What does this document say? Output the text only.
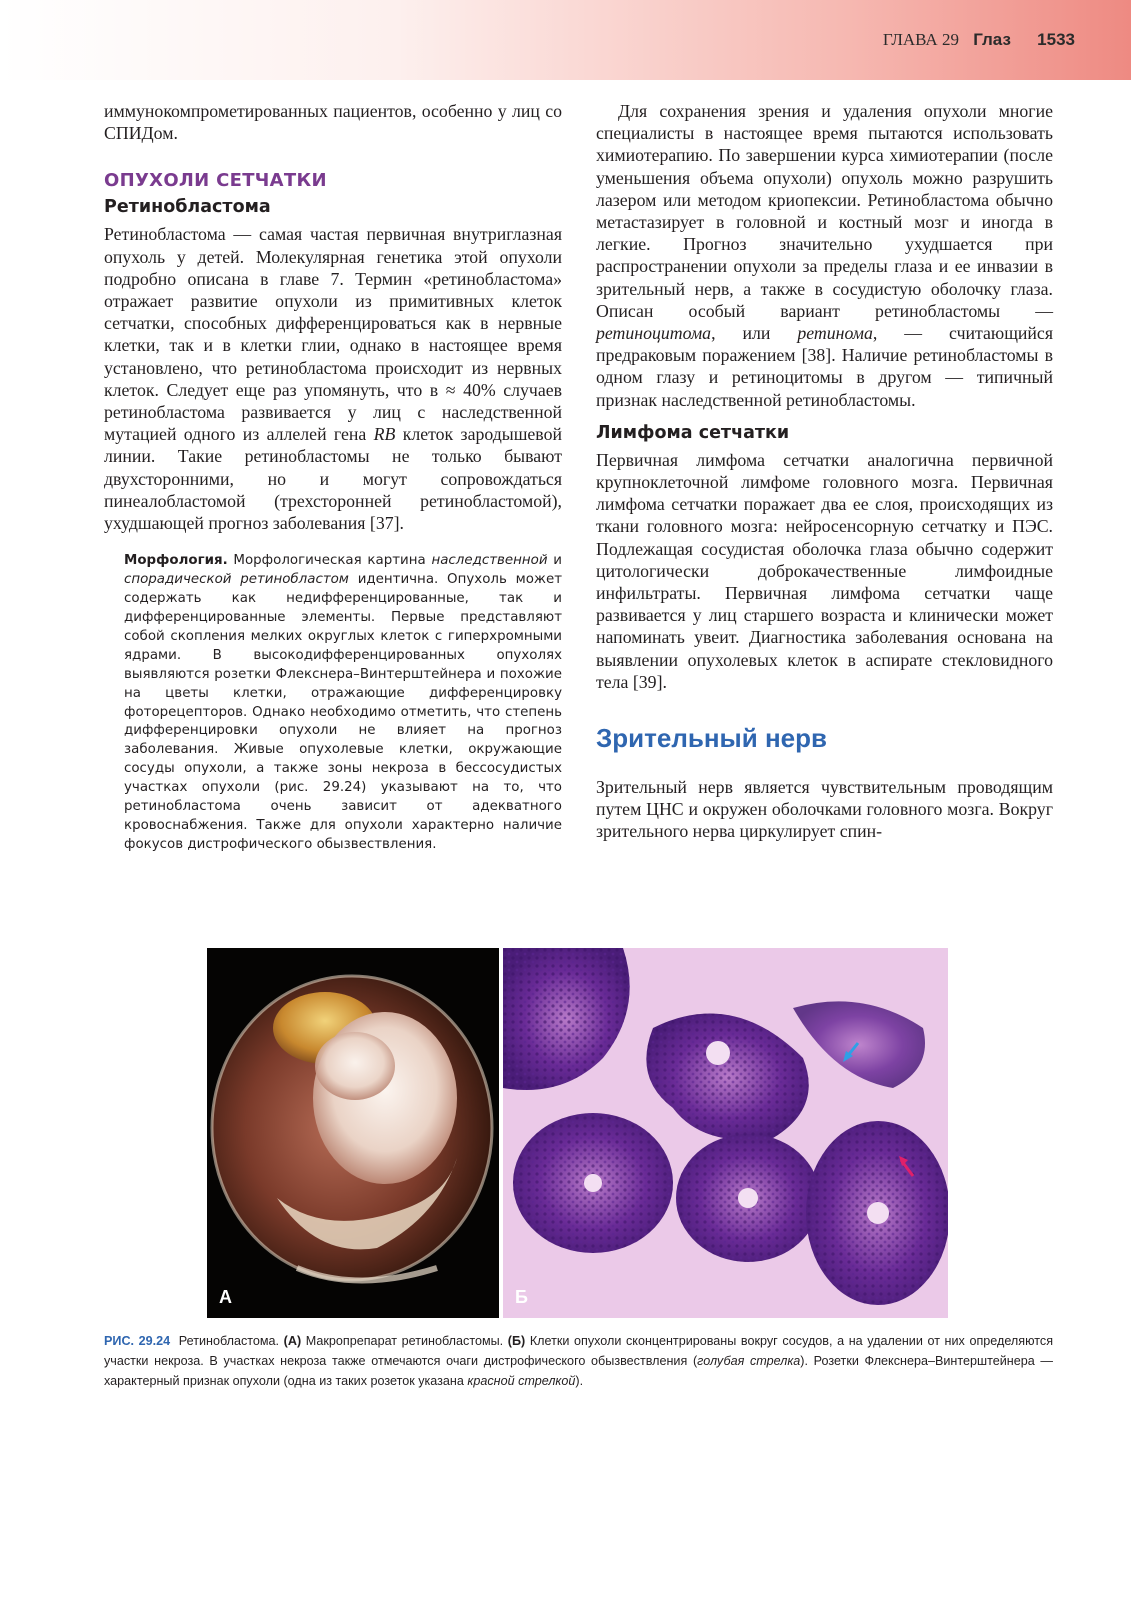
ГЛАВА 29 Глаз 1533

иммунокомпрометированных пациентов, особенно у лиц со СПИДом.

ОПУХОЛИ СЕТЧАТКИ
Ретинобластома

Ретинобластома — самая частая первичная внутриглазная опухоль у детей. Молекулярная генетика этой опухоли подробно описана в главе 7. Термин «ретинобластома» отражает развитие опухоли из примитивных клеток сетчатки, способных дифференцироваться как в нервные клетки, так и в клетки глии, однако в настоящее время установлено, что ретинобластома происходит из нервных клеток. Следует еще раз упомянуть, что в ≈ 40% случаев ретинобластома развивается у лиц с наследственной мутацией одного из аллелей гена RB клеток зародышевой линии. Такие ретинобластомы не только бывают двухсторонними, но и могут сопровождаться пинеалобластомой (трехсторонней ретинобластомой), ухудшающей прогноз заболевания [37].

Морфология. Морфологическая картина наследственной и спорадической ретинобластом идентична. Опухоль может содержать как недифференцированные, так и дифференцированные элементы. Первые представляют собой скопления мелких округлых клеток с гиперхромными ядрами. В высокодифференцированных опухолях выявляются розетки Флекснера–Винтерштейнера и похожие на цветы клетки, отражающие дифференцировку фоторецепторов. Однако необходимо отметить, что степень дифференцировки опухоли не влияет на прогноз заболевания. Живые опухолевые клетки, окружающие сосуды опухоли, а также зоны некроза в бессосудистых участках опухоли (рис. 29.24) указывают на то, что ретинобластома очень зависит от адекватного кровоснабжения. Также для опухоли характерно наличие фокусов дистрофического обызвествления.

Для сохранения зрения и удаления опухоли многие специалисты в настоящее время пытаются использовать химиотерапию. По завершении курса химиотерапии (после уменьшения объема опухоли) опухоль можно разрушить лазером или методом криопексии. Ретинобластома обычно метастазирует в головной и костный мозг и иногда в легкие. Прогноз значительно ухудшается при распространении опухоли за пределы глаза и ее инвазии в зрительный нерв, а также в сосудистую оболочку глаза. Описан особый вариант ретинобластомы — ретиноцитома, или ретинома, — считающийся предраковым поражением [38]. Наличие ретинобластомы в одном глазу и ретиноцитомы в другом — типичный признак наследственной ретинобластомы.

Лимфома сетчатки

Первичная лимфома сетчатки аналогична первичной крупноклеточной лимфоме головного мозга. Первичная лимфома сетчатки поражает два ее слоя, происходящих из ткани головного мозга: нейросенсорную сетчатку и ПЭС. Подлежащая сосудистая оболочка глаза обычно содержит цитологически доброкачественные лимфоидные инфильтраты. Первичная лимфома сетчатки чаще развивается у лиц старшего возраста и клинически может напоминать увеит. Диагностика заболевания основана на выявлении опухолевых клеток в аспирате стекловидного тела [39].

Зрительный нерв

Зрительный нерв является чувствительным проводящим путем ЦНС и окружен оболочками головного мозга. Вокруг зрительного нерва циркулирует спин-

А	Б
РИС. 29.24 Ретинобластома. (А) Макропрепарат ретинобластомы. (Б) Клетки опухоли сконцентрированы вокруг сосудов, а на удалении от них определяются участки некроза. В участках некроза также отмечаются очаги дистрофического обызвествления (голубая стрелка). Розетки Флекснера–Винтерштейнера — характерный признак опухоли (одна из таких розеток указана красной стрелкой).
